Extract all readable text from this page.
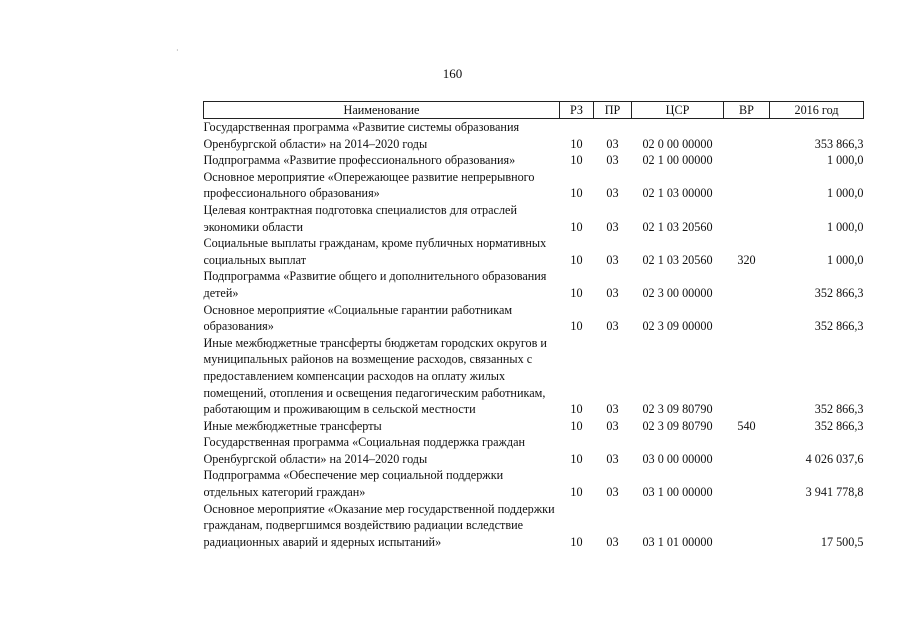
·
160
Наименование	РЗ	ПР	ЦСР	ВР	2016 год
Государственная программа «Развитие системы образования Оренбургской области» на 2014–2020 годы	10	03	02 0 00 00000		353 866,3
Подпрограмма «Развитие профессионального образования»	10	03	02 1 00 00000		1 000,0
Основное мероприятие «Опережающее развитие непрерывного профессионального образования»	10	03	02 1 03 00000		1 000,0
Целевая контрактная подготовка специалистов для отраслей экономики области	10	03	02 1 03 20560		1 000,0
Социальные выплаты гражданам, кроме публичных нормативных социальных выплат	10	03	02 1 03 20560	320	1 000,0
Подпрограмма «Развитие общего и дополнительного образования детей»	10	03	02 3 00 00000		352 866,3
Основное мероприятие «Социальные гарантии работникам образования»	10	03	02 3 09 00000		352 866,3
Иные межбюджетные трансферты бюджетам городских округов и муниципальных районов на возмещение расходов, связанных с предоставлением компенсации расходов на оплату жилых помещений, отопления и освещения педагогическим работникам, работающим и проживающим в сельской местности	10	03	02 3 09 80790		352 866,3
Иные межбюджетные трансферты	10	03	02 3 09 80790	540	352 866,3
Государственная программа «Социальная поддержка граждан Оренбургской области» на 2014–2020 годы	10	03	03 0 00 00000		4 026 037,6
Подпрограмма «Обеспечение мер социальной поддержки отдельных категорий граждан»	10	03	03 1 00 00000		3 941 778,8
Основное мероприятие «Оказание мер государственной поддержки гражданам, подвергшимся воздействию радиации вследствие радиационных аварий и ядерных испытаний»	10	03	03 1 01 00000		17 500,5
